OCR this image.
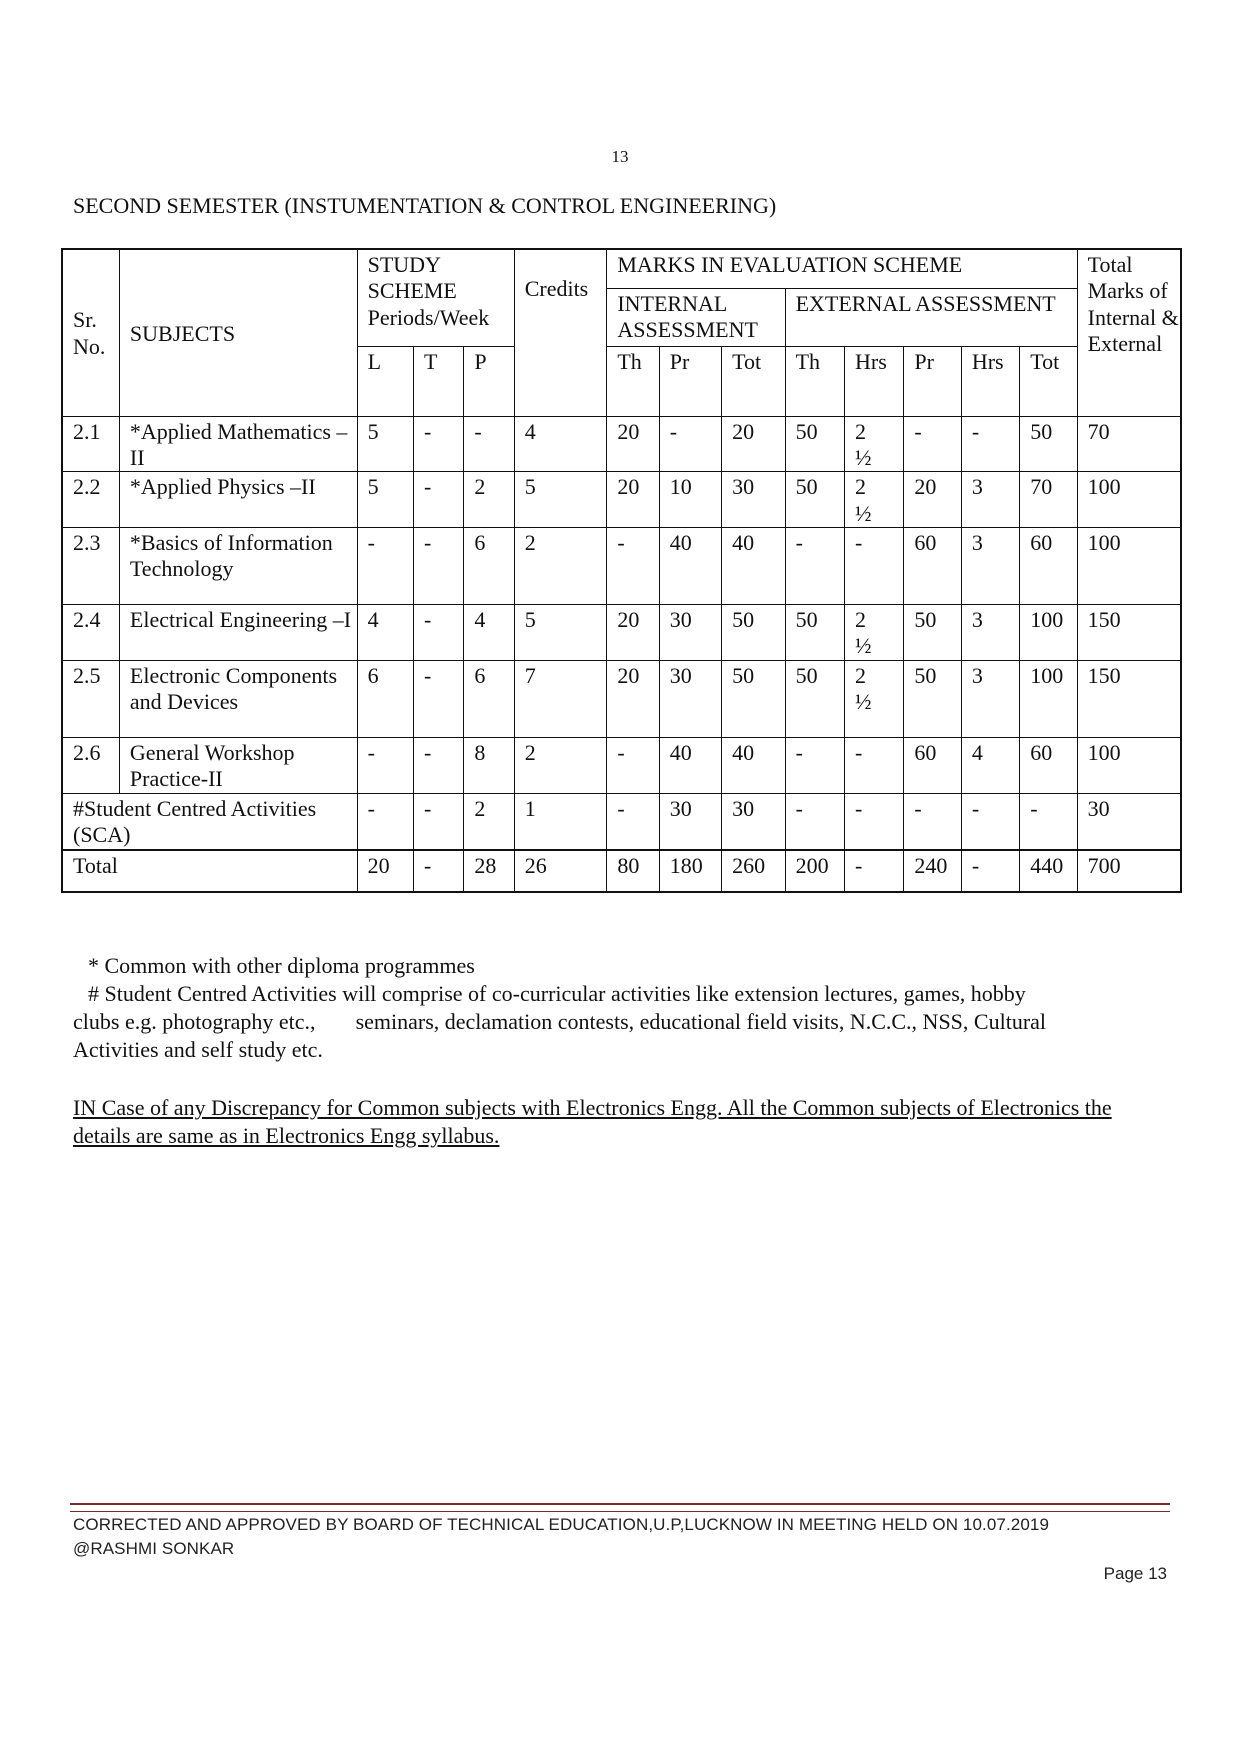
13
SECOND SEMESTER (INSTUMENTATION & CONTROL ENGINEERING)
Sr. No.	SUBJECTS	STUDY SCHEME Periods/Week			Credits	MARKS IN EVALUATION SCHEME								Total Marks of Internal & External
						INTERNAL ASSESSMENT			EXTERNAL ASSESSMENT					
		L	T	P		Th	Pr	Tot	Th	Hrs	Pr	Hrs	Tot	
2.1	*Applied Mathematics – II	5	-	-	4	20	-	20	50	2 ½	-	-	50	70
2.2	*Applied Physics –II	5	-	2	5	20	10	30	50	2 ½	20	3	70	100
2.3	*Basics of Information Technology	-	-	6	2	-	40	40	-	-	60	3	60	100
2.4	Electrical Engineering –I	4	-	4	5	20	30	50	50	2 ½	50	3	100	150
2.5	Electronic Components and Devices	6	-	6	7	20	30	50	50	2 ½	50	3	100	150
2.6	General Workshop Practice-II	-	-	8	2	-	40	40	-	-	60	4	60	100
#Student Centred Activities (SCA)		-	-	2	1	-	30	30	-	-	-	-	-	30
Total		20	-	28	26	80	180	260	200	-	240	-	440	700

* Common with other diploma programmes

# Student Centred Activities will comprise of co-curricular activities like extension lectures, games, hobby

clubs e.g. photography etc., seminars, declamation contests, educational field visits, N.C.C., NSS, Cultural

Activities and self study etc.

IN Case of any Discrepancy for Common subjects with Electronics Engg. All the Common subjects of Electronics the details are same as in Electronics Engg syllabus.
CORRECTED AND APPROVED BY BOARD OF TECHNICAL EDUCATION,U.P,LUCKNOW IN MEETING HELD ON 10.07.2019
@RASHMI SONKAR
Page 13
